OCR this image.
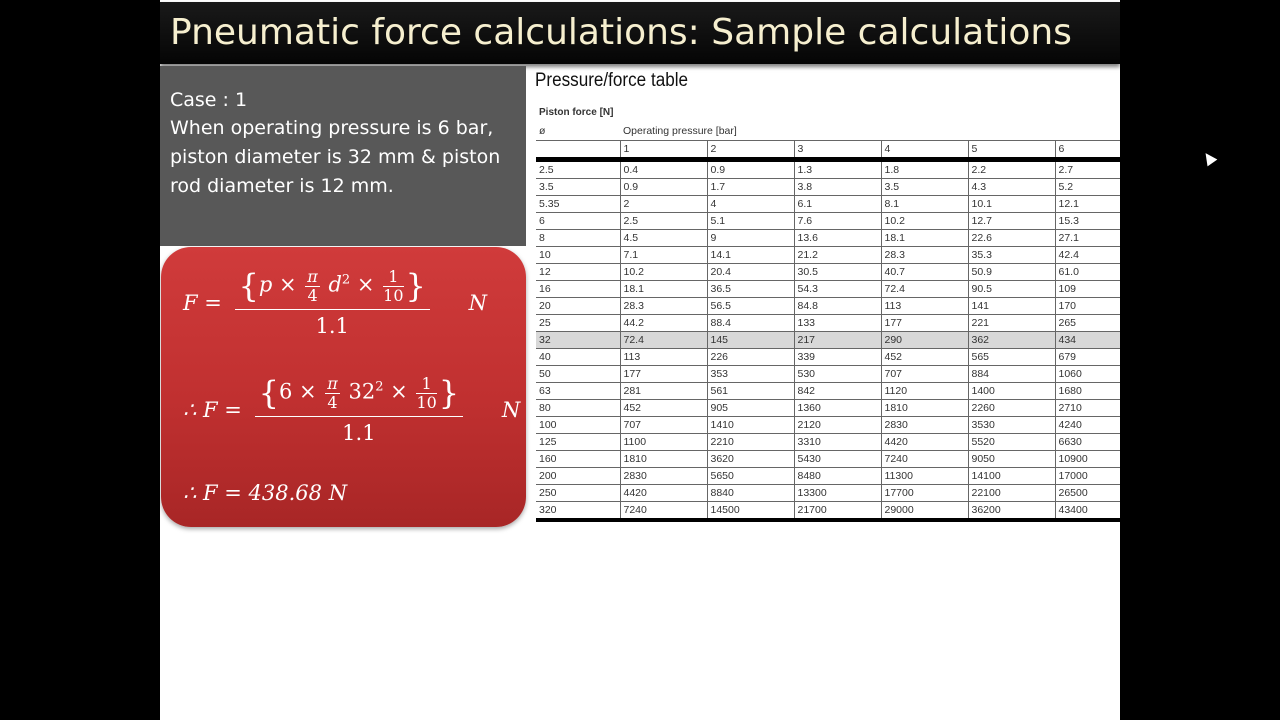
Pneumatic force calculations: Sample calculations
Case : 1
When operating pressure is 6 bar, piston diameter is 32 mm & piston rod diameter is 12 mm.
$F = \frac{\{p \times \frac{\pi}{4} d^2 \times \frac{1}{10} \}}{1.1}$ N
∴ $F = \frac{\{6 \times \frac{\pi}{4} 32^2 \times \frac{1}{10} \}}{1.1}$ N
∴ F = 438.68 N
Pressure/force table
Piston force [N]						
ø	Operating pressure [bar]					
	1	2	3	4	5	6
2.5	0.4	0.9	1.3	1.8	2.2	2.7
3.5	0.9	1.7	3.8	3.5	4.3	5.2
5.35	2	4	6.1	8.1	10.1	12.1
6	2.5	5.1	7.6	10.2	12.7	15.3
8	4.5	9	13.6	18.1	22.6	27.1
10	7.1	14.1	21.2	28.3	35.3	42.4
12	10.2	20.4	30.5	40.7	50.9	61.0
16	18.1	36.5	54.3	72.4	90.5	109
20	28.3	56.5	84.8	113	141	170
25	44.2	88.4	133	177	221	265
32	72.4	145	217	290	362	434
40	113	226	339	452	565	679
50	177	353	530	707	884	1060
63	281	561	842	1120	1400	1680
80	452	905	1360	1810	2260	2710
100	707	1410	2120	2830	3530	4240
125	1100	2210	3310	4420	5520	6630
160	1810	3620	5430	7240	9050	10900
200	2830	5650	8480	11300	14100	17000
250	4420	8840	13300	17700	22100	26500
320	7240	14500	21700	29000	36200	43400
